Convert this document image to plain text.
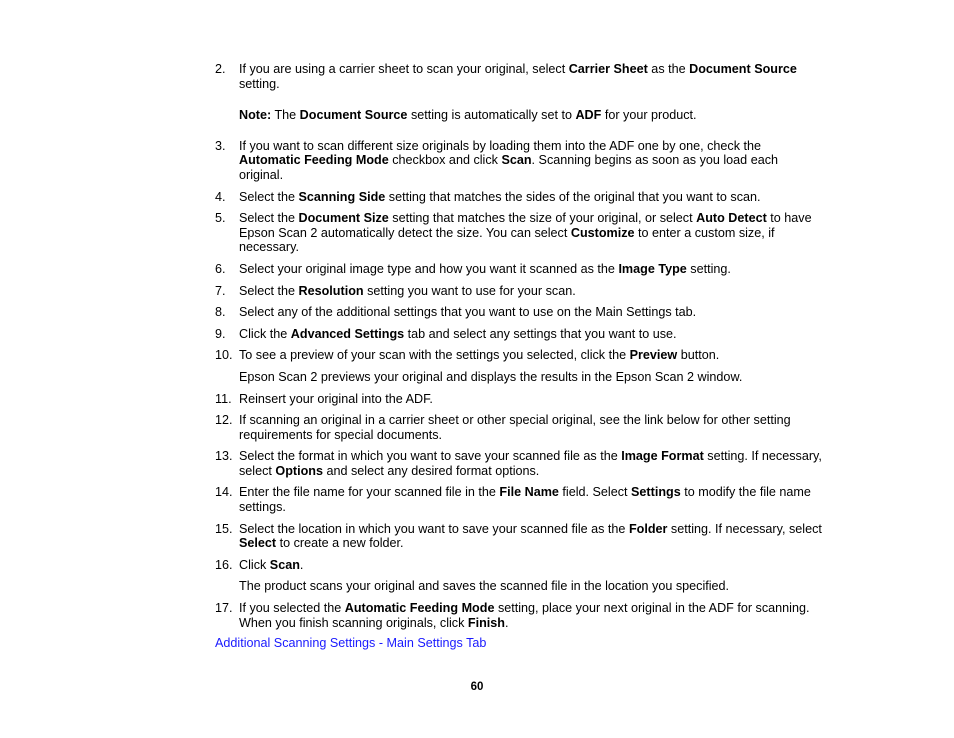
2. If you are using a carrier sheet to scan your original, select Carrier Sheet as the Document Source setting.

Note: The Document Source setting is automatically set to ADF for your product.

3. If you want to scan different size originals by loading them into the ADF one by one, check the Automatic Feeding Mode checkbox and click Scan. Scanning begins as soon as you load each original.

4. Select the Scanning Side setting that matches the sides of the original that you want to scan.

5. Select the Document Size setting that matches the size of your original, or select Auto Detect to have Epson Scan 2 automatically detect the size. You can select Customize to enter a custom size, if necessary.

6. Select your original image type and how you want it scanned as the Image Type setting.

7. Select the Resolution setting you want to use for your scan.

8. Select any of the additional settings that you want to use on the Main Settings tab.

9. Click the Advanced Settings tab and select any settings that you want to use.

10. To see a preview of your scan with the settings you selected, click the Preview button.

Epson Scan 2 previews your original and displays the results in the Epson Scan 2 window.

11. Reinsert your original into the ADF.

12. If scanning an original in a carrier sheet or other special original, see the link below for other setting requirements for special documents.

13. Select the format in which you want to save your scanned file as the Image Format setting. If necessary, select Options and select any desired format options.

14. Enter the file name for your scanned file in the File Name field. Select Settings to modify the file name settings.

15. Select the location in which you want to save your scanned file as the Folder setting. If necessary, select Select to create a new folder.

16. Click Scan.

The product scans your original and saves the scanned file in the location you specified.

17. If you selected the Automatic Feeding Mode setting, place your next original in the ADF for scanning. When you finish scanning originals, click Finish.

Additional Scanning Settings - Main Settings Tab
60
